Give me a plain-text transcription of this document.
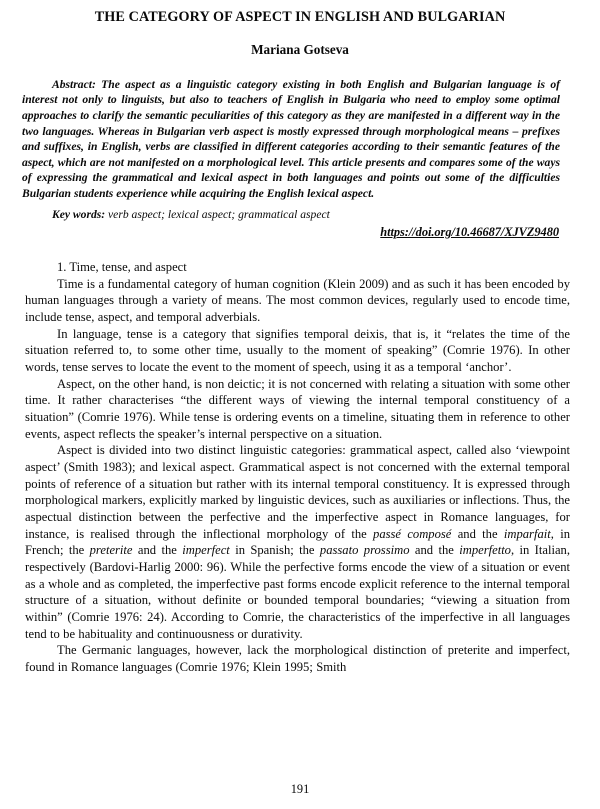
THE CATEGORY OF ASPECT IN ENGLISH AND BULGARIAN
Mariana Gotseva

Abstract: The aspect as a linguistic category existing in both English and Bulgarian language is of interest not only to linguists, but also to teachers of English in Bulgaria who need to employ some optimal approaches to clarify the semantic peculiarities of this category as they are manifested in a different way in the two languages. Whereas in Bulgarian verb aspect is mostly expressed through morphological means – prefixes and suffixes, in English, verbs are classified in different categories according to their semantic features of the aspect, which are not manifested on a morphological level. This article presents and compares some of the ways of expressing the grammatical and lexical aspect in both languages and points out some of the difficulties Bulgarian students experience while acquiring the English lexical aspect.

Key words: verb aspect; lexical aspect; grammatical aspect

https://doi.org/10.46687/XJVZ9480

1. Time, tense, and aspect

Time is a fundamental category of human cognition (Klein 2009) and as such it has been encoded by human languages through a variety of means. The most common devices, regularly used to encode time, include tense, aspect, and temporal adverbials.

In language, tense is a category that signifies temporal deixis, that is, it “relates the time of the situation referred to, to some other time, usually to the moment of speaking” (Comrie 1976). In other words, tense serves to locate the event to the moment of speech, using it as a temporal ‘anchor’.

Aspect, on the other hand, is non deictic; it is not concerned with relating a situation with some other time. It rather characterises “the different ways of viewing the internal temporal constituency of a situation” (Comrie 1976). While tense is ordering events on a timeline, situating them in reference to other events, aspect reflects the speaker’s internal perspective on a situation.

Aspect is divided into two distinct linguistic categories: grammatical aspect, called also ‘viewpoint aspect’ (Smith 1983); and lexical aspect. Grammatical aspect is not concerned with the external temporal points of reference of a situation but rather with its internal temporal constituency. It is expressed through morphological markers, explicitly marked by linguistic devices, such as auxiliaries or inflections. Thus, the aspectual distinction between the perfective and the imperfective aspect in Romance languages, for instance, is realised through the inflectional morphology of the passé composé and the imparfait, in French; the preterite and the imperfect in Spanish; the passato prossimo and the imperfetto, in Italian, respectively (Bardovi-Harlig 2000: 96). While the perfective forms encode the view of a situation or event as a whole and as completed, the imperfective past forms encode explicit reference to the internal temporal structure of a situation, without definite or bounded temporal boundaries; “viewing a situation from within” (Comrie 1976: 24). According to Comrie, the characteristics of the imperfective in all languages tend to be habituality and continuousness or durativity.

The Germanic languages, however, lack the morphological distinction of preterite and imperfect, found in Romance languages (Comrie 1976; Klein 1995; Smith

191
